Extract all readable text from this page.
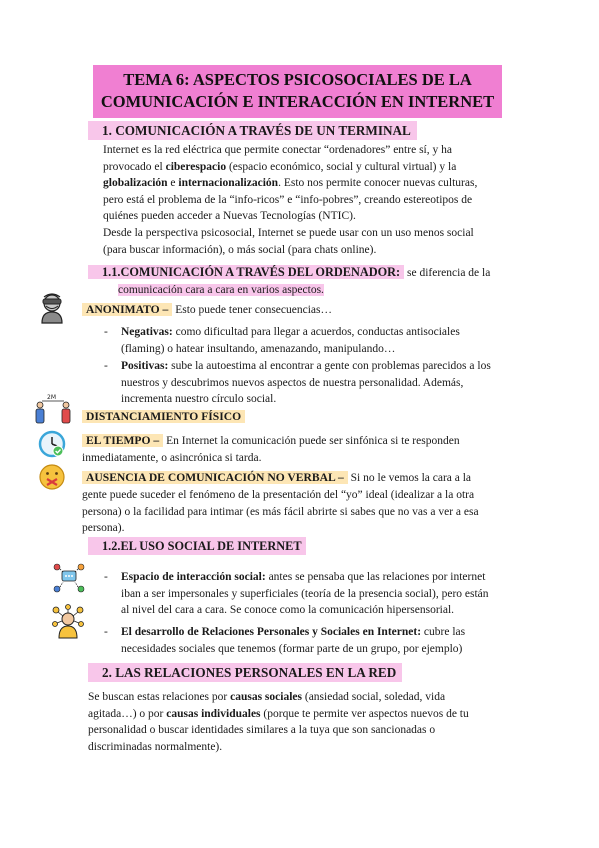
TEMA 6: ASPECTOS PSICOSOCIALES DE LA
COMUNICACIÓN E INTERACCIÓN EN INTERNET
1. COMUNICACIÓN A TRAVÉS DE UN TERMINAL
Internet es la red eléctrica que permite conectar “ordenadores” entre sí, y ha
provocado el ciberespacio (espacio económico, social y cultural virtual) y la
globalización e internacionalización. Esto nos permite conocer nuevas culturas,
pero está el problema de la “info-ricos” e “info-pobres”, creando estereotipos de
quiénes pueden acceder a Nuevas Tecnologías (NTIC).
Desde la perspectiva psicosocial, Internet se puede usar con un uso menos social
(para buscar información), o más social (para chats online).
1.1.COMUNICACIÓN A TRAVÉS DEL ORDENADOR: se diferencia de la
comunicación cara a cara en varios aspectos.
ANONIMATO – Esto puede tener consecuencias…
- Negativas: como dificultad para llegar a acuerdos, conductas antisociales
(flaming) o hatear insultando, amenazando, manipulando…
- Positivas: sube la autoestima al encontrar a gente con problemas parecidos a los
nuestros y descubrimos nuevos aspectos de nuestra personalidad. Además,
incrementa nuestro círculo social.
2M
DISTANCIAMIENTO FÍSICO
EL TIEMPO – En Internet la comunicación puede ser sinfónica si te responden
inmediatamente, o asincrónica si tarda.
AUSENCIA DE COMUNICACIÓN NO VERBAL – Si no le vemos la cara a la
gente puede suceder el fenómeno de la presentación del “yo” ideal (idealizar a la otra
persona) o la facilidad para intimar (es más fácil abrirte si sabes que no vas a ver a esa
persona).
1.2.EL USO SOCIAL DE INTERNET
- Espacio de interacción social: antes se pensaba que las relaciones por internet
iban a ser impersonales y superficiales (teoría de la presencia social), pero están
al nivel del cara a cara. Se conoce como la comunicación hipersensorial.
- El desarrollo de Relaciones Personales y Sociales en Internet: cubre las
necesidades sociales que tenemos (formar parte de un grupo, por ejemplo)
2. LAS RELACIONES PERSONALES EN LA RED
Se buscan estas relaciones por causas sociales (ansiedad social, soledad, vida
agitada…) o por causas individuales (porque te permite ver aspectos nuevos de tu
personalidad o buscar identidades similares a la tuya que son sancionadas o
discriminadas normalmente).
